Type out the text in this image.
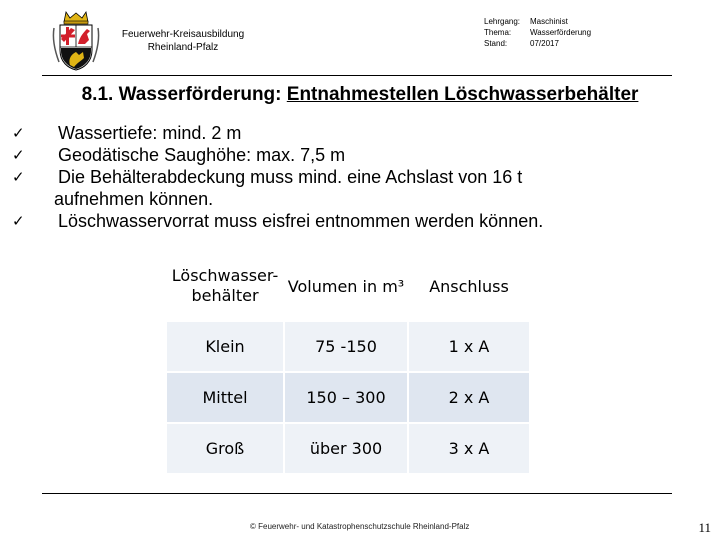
Feuerwehr-Kreisausbildung
Rheinland-Pfalz
Lehrgang:	Maschinist
Thema:	Wasserförderung
Stand:	07/2017
8.1. Wasserförderung: Entnahmestellen Löschwasserbehälter
✓	Wassertiefe: mind. 2 m
✓	Geodätische Saughöhe: max. 7,5 m
✓	Die Behälterabdeckung muss mind. eine Achslast von 16 t
aufnehmen können.
✓	Löschwasservorrat muss eisfrei entnommen werden können.
Löschwasser-
behälter	Volumen in m³	Anschluss
Klein	75 -150	1 x A
Mittel	150 – 300	2 x A
Groß	über 300	3 x A
© Feuerwehr- und Katastrophenschutzschule Rheinland-Pfalz	11
